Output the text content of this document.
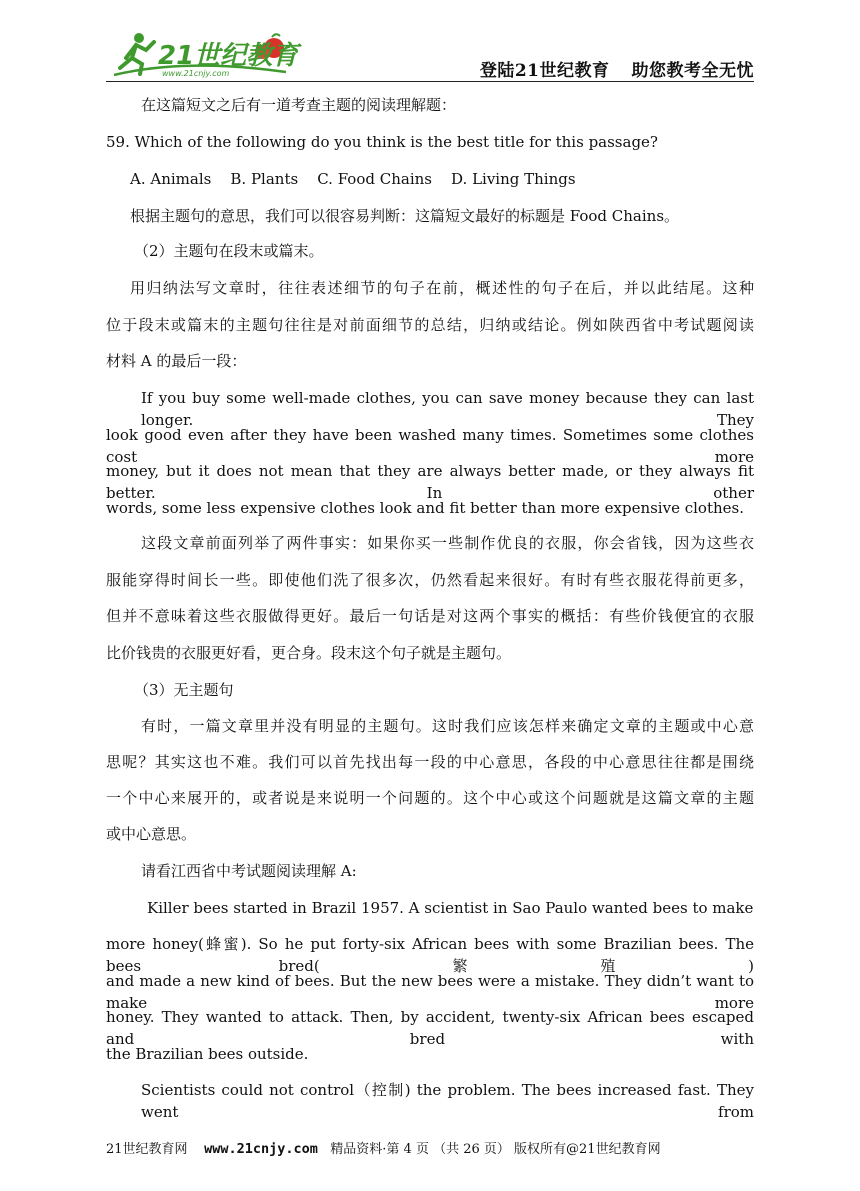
21世纪教育
www.21cnjy.com	登陆21世纪教育 助您教考全无忧
在这篇短文之后有一道考查主题的阅读理解题：
59. Which of the following do you think is the best title for this passage?
A. Animals    B. Plants    C. Food Chains    D. Living Things
根据主题句的意思，我们可以很容易判断：这篇短文最好的标题是 Food Chains。
（2）主题句在段末或篇末。
用归纳法写文章时，往往表述细节的句子在前，概述性的句子在后，并以此结尾。这种
位于段末或篇末的主题句往往是对前面细节的总结，归纳或结论。例如陕西省中考试题阅读
材料 A 的最后一段：
If you buy some well-made clothes, you can save money because they can last longer. They
look good even after they have been washed many times. Sometimes some clothes cost more
money, but it does not mean that they are always better made, or they always fit better. In other
words, some less expensive clothes look and fit better than more expensive clothes.
这段文章前面列举了两件事实：如果你买一些制作优良的衣服，你会省钱，因为这些衣
服能穿得时间长一些。即使他们洗了很多次，仍然看起来很好。有时有些衣服花得前更多，
但并不意味着这些衣服做得更好。最后一句话是对这两个事实的概括：有些价钱便宜的衣服
比价钱贵的衣服更好看，更合身。段末这个句子就是主题句。
（3）无主题句
有时，一篇文章里并没有明显的主题句。这时我们应该怎样来确定文章的主题或中心意
思呢？其实这也不难。我们可以首先找出每一段的中心意思，各段的中心意思往往都是围绕
一个中心来展开的，或者说是来说明一个问题的。这个中心或这个问题就是这篇文章的主题
或中心意思。
请看江西省中考试题阅读理解 A:
Killer bees started in Brazil 1957. A scientist in Sao Paulo wanted bees to make
more honey(蜂蜜). So he put forty-six African bees with some Brazilian bees. The bees bred(繁殖)
and made a new kind of bees. But the new bees were a mistake. They didn’t want to make more
honey. They wanted to attack. Then, by accident, twenty-six African bees escaped and bred with
the Brazilian bees outside.
Scientists could not control（控制) the problem. The bees increased fast. They went from
21世纪教育网 www.21cnjy.com 精品资料·第 4 页 （共 26 页） 版权所有@21世纪教育网
